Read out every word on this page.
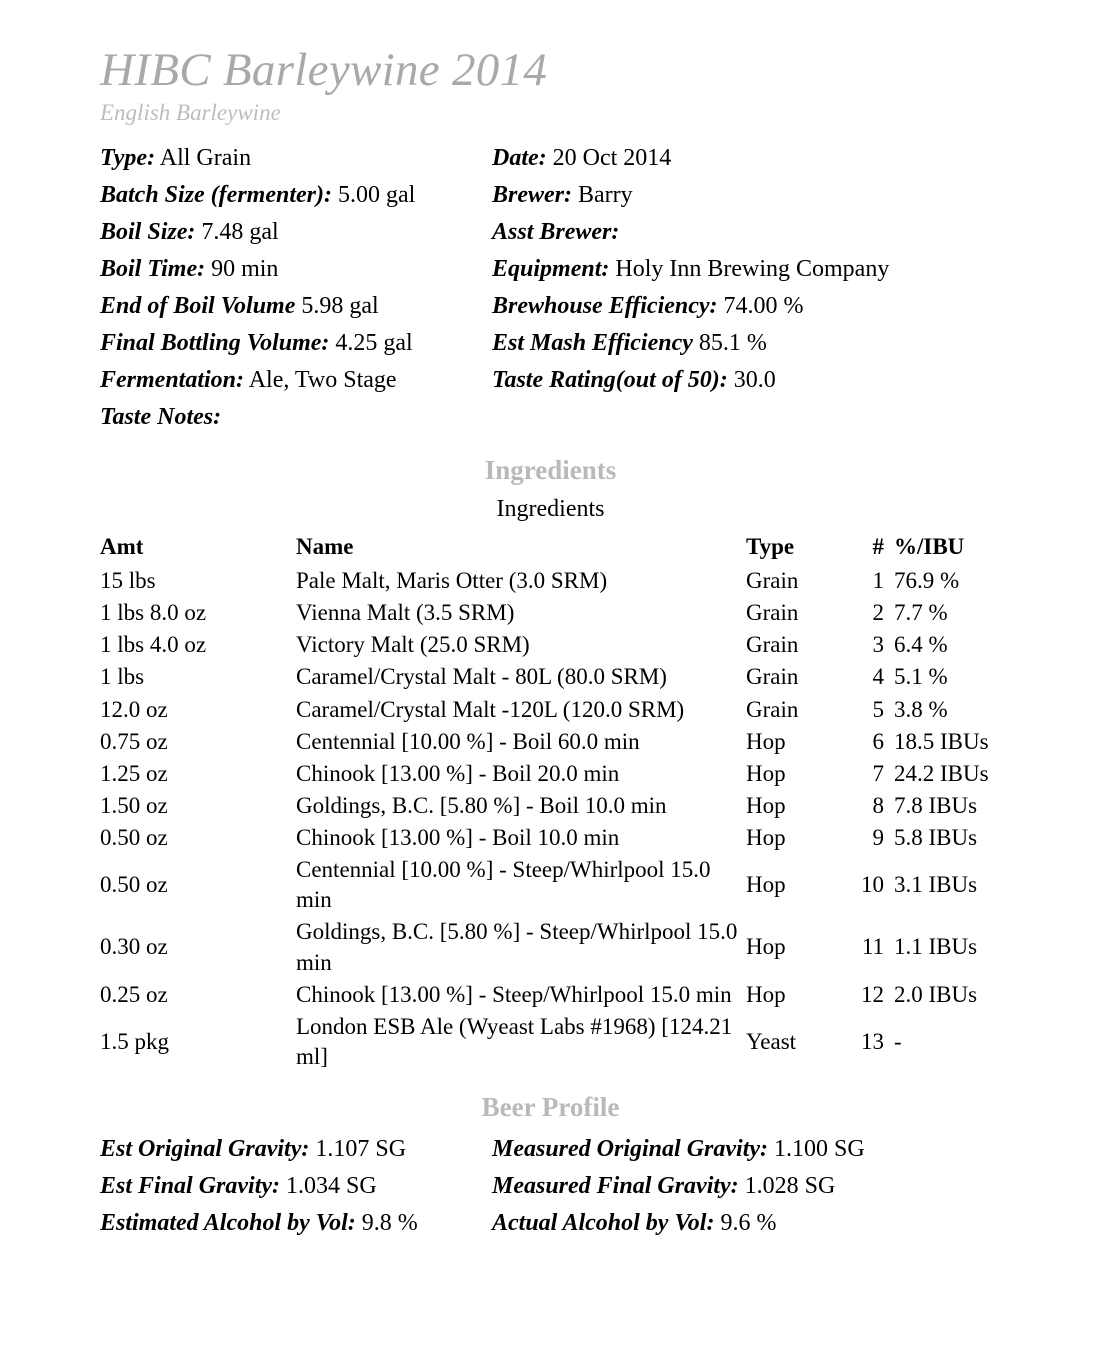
HIBC Barleywine 2014
English Barleywine
Type: All Grain
Batch Size (fermenter): 5.00 gal
Boil Size: 7.48 gal
Boil Time: 90 min
End of Boil Volume 5.98 gal
Final Bottling Volume: 4.25 gal
Fermentation: Ale, Two Stage
Taste Notes:
Date: 20 Oct 2014
Brewer: Barry
Asst Brewer:
Equipment: Holy Inn Brewing Company
Brewhouse Efficiency: 74.00 %
Est Mash Efficiency 85.1 %
Taste Rating(out of 50): 30.0
Ingredients
Ingredients
Amt	Name	Type	#	%/IBU
15 lbs	Pale Malt, Maris Otter (3.0 SRM)	Grain	1	76.9 %
1 lbs 8.0 oz	Vienna Malt (3.5 SRM)	Grain	2	7.7 %
1 lbs 4.0 oz	Victory Malt (25.0 SRM)	Grain	3	6.4 %
1 lbs	Caramel/Crystal Malt - 80L (80.0 SRM)	Grain	4	5.1 %
12.0 oz	Caramel/Crystal Malt -120L (120.0 SRM)	Grain	5	3.8 %
0.75 oz	Centennial [10.00 %] - Boil 60.0 min	Hop	6	18.5 IBUs
1.25 oz	Chinook [13.00 %] - Boil 20.0 min	Hop	7	24.2 IBUs
1.50 oz	Goldings, B.C. [5.80 %] - Boil 10.0 min	Hop	8	7.8 IBUs
0.50 oz	Chinook [13.00 %] - Boil 10.0 min	Hop	9	5.8 IBUs
0.50 oz	Centennial [10.00 %] - Steep/Whirlpool 15.0 min	Hop	10	3.1 IBUs
0.30 oz	Goldings, B.C. [5.80 %] - Steep/Whirlpool 15.0 min	Hop	11	1.1 IBUs
0.25 oz	Chinook [13.00 %] - Steep/Whirlpool 15.0 min	Hop	12	2.0 IBUs
1.5 pkg	London ESB Ale (Wyeast Labs #1968) [124.21 ml]	Yeast	13	-
Beer Profile
Est Original Gravity: 1.107 SG
Est Final Gravity: 1.034 SG
Estimated Alcohol by Vol: 9.8 %
Measured Original Gravity: 1.100 SG
Measured Final Gravity: 1.028 SG
Actual Alcohol by Vol: 9.6 %
